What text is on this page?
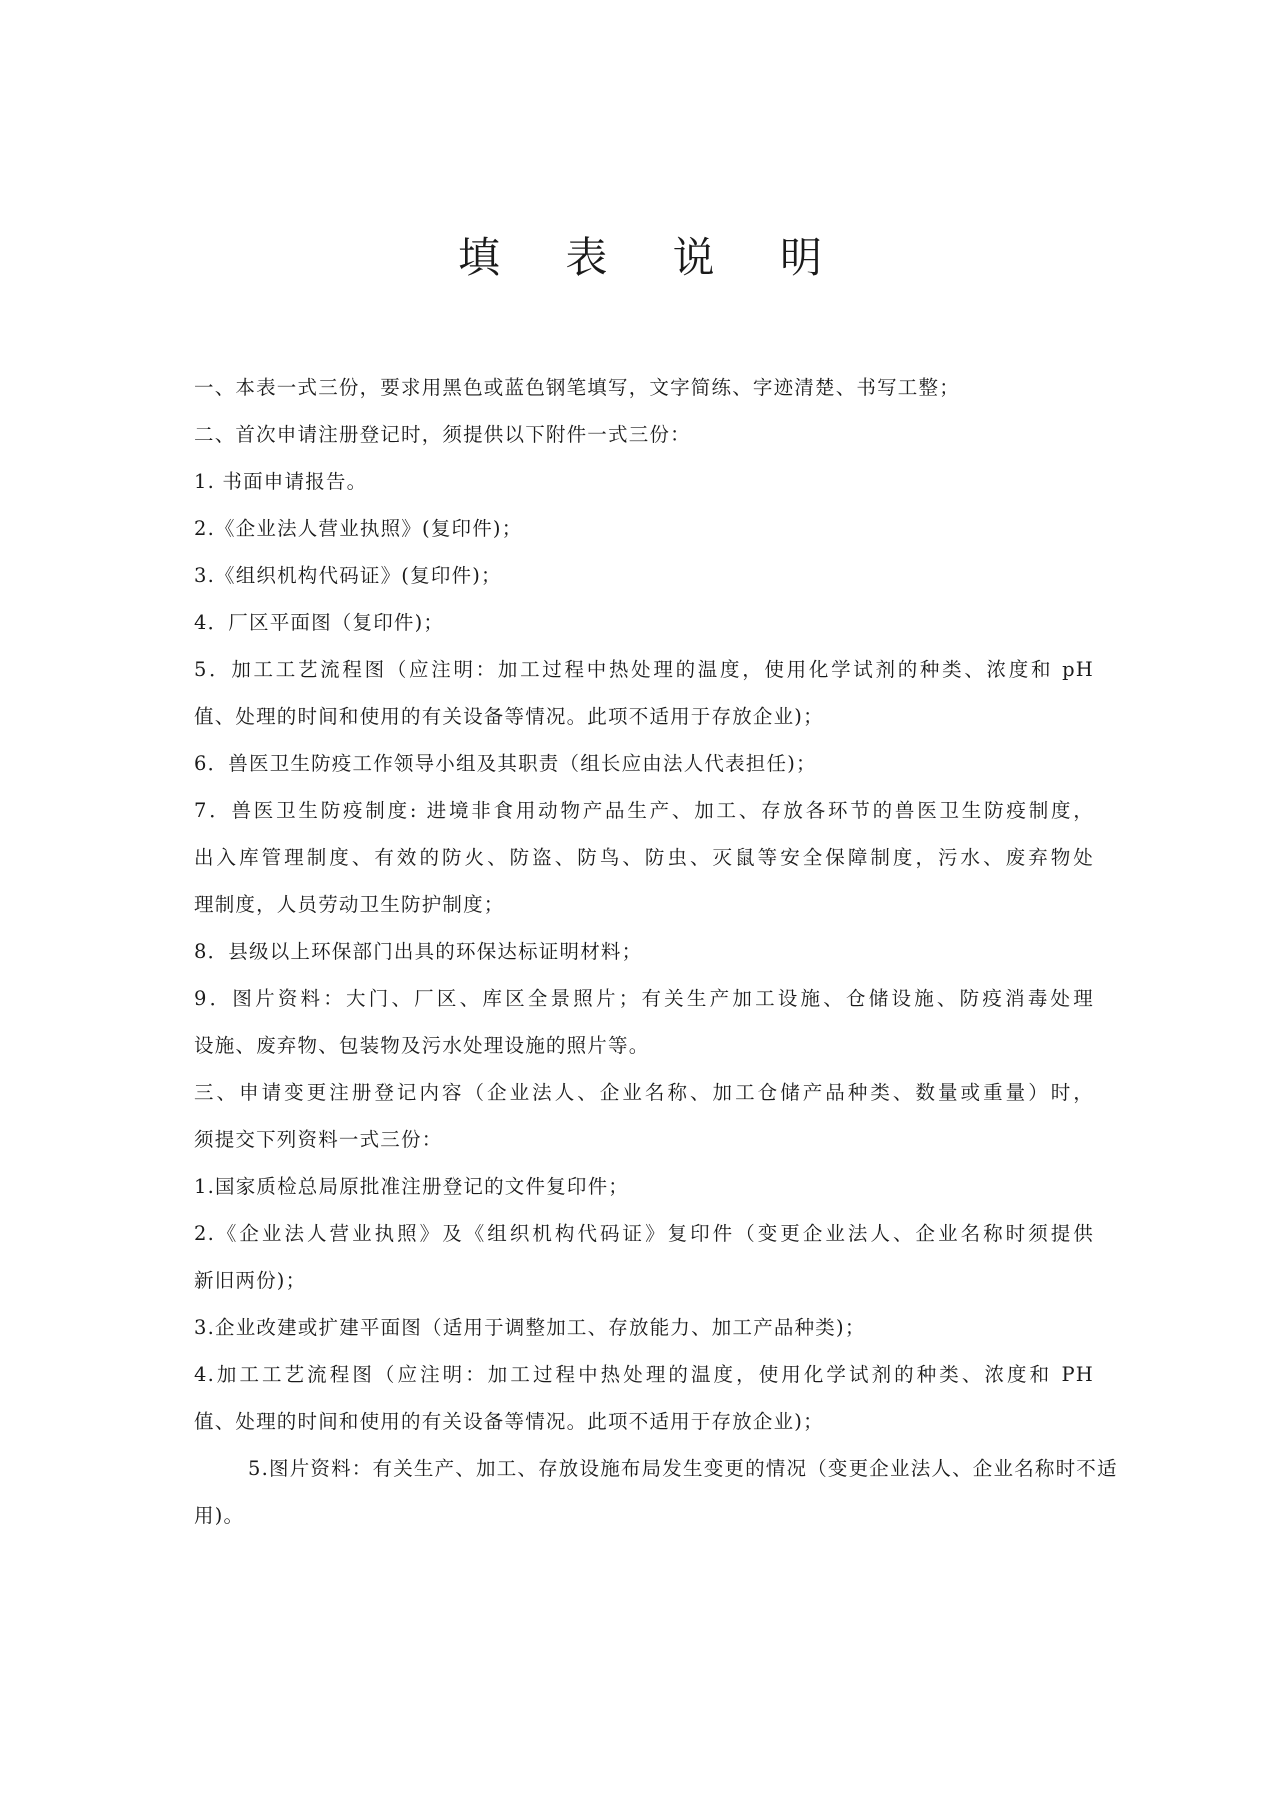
填 表 说 明
一、本表一式三份，要求用黑色或蓝色钢笔填写，文字简练、字迹清楚、书写工整；
二、首次申请注册登记时，须提供以下附件一式三份：
1. 书面申请报告。
2.《企业法人营业执照》(复印件)；
3.《组织机构代码证》(复印件)；
4．厂区平面图（复印件)；
5．加工工艺流程图（应注明：加工过程中热处理的温度，使用化学试剂的种类、浓度和 pH
值、处理的时间和使用的有关设备等情况。此项不适用于存放企业)；
6．兽医卫生防疫工作领导小组及其职责（组长应由法人代表担任)；
7．兽医卫生防疫制度: 进境非食用动物产品生产、加工、存放各环节的兽医卫生防疫制度，
出入库管理制度、有效的防火、防盗、防鸟、防虫、灭鼠等安全保障制度，污水、废弃物处
理制度，人员劳动卫生防护制度；
8．县级以上环保部门出具的环保达标证明材料；
9．图片资料：大门、厂区、库区全景照片；有关生产加工设施、仓储设施、防疫消毒处理
设施、废弃物、包装物及污水处理设施的照片等。
三、申请变更注册登记内容（企业法人、企业名称、加工仓储产品种类、数量或重量）时，
须提交下列资料一式三份：
1.国家质检总局原批准注册登记的文件复印件；
2.《企业法人营业执照》及《组织机构代码证》复印件（变更企业法人、企业名称时须提供
新旧两份)；
3.企业改建或扩建平面图（适用于调整加工、存放能力、加工产品种类)；
4.加工工艺流程图（应注明：加工过程中热处理的温度，使用化学试剂的种类、浓度和 PH
值、处理的时间和使用的有关设备等情况。此项不适用于存放企业)；
5.图片资料：有关生产、加工、存放设施布局发生变更的情况（变更企业法人、企业名称时不适
用)。
